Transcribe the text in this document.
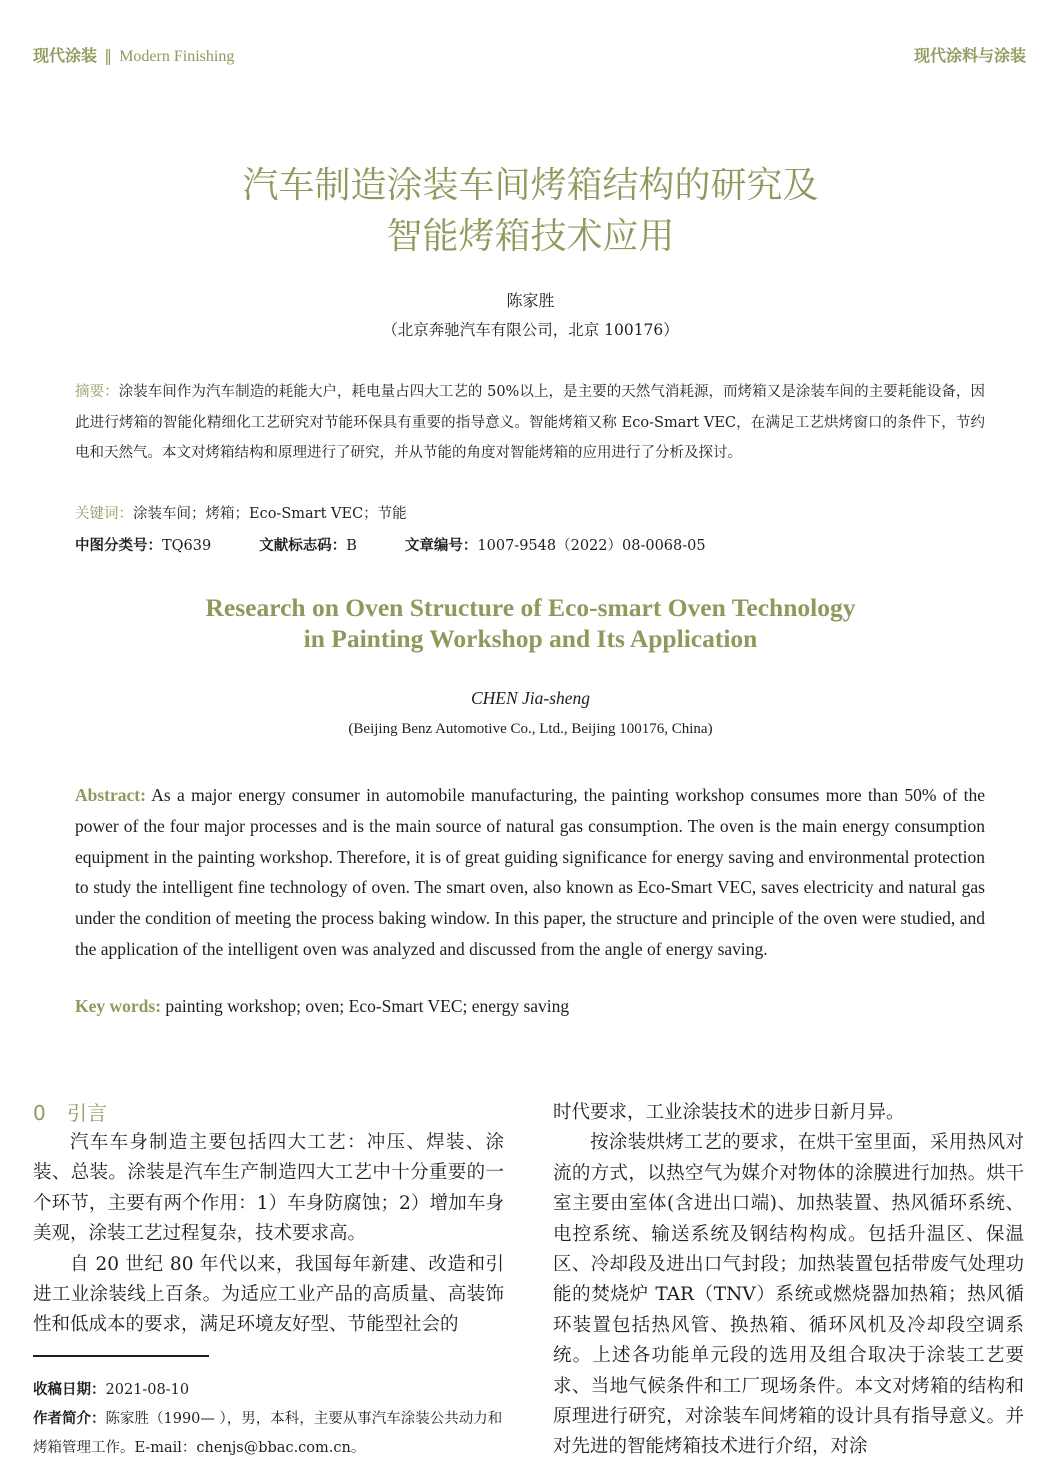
现代涂装 ‖ Modern Finishing	现代涂料与涂装
汽车制造涂装车间烤箱结构的研究及
智能烤箱技术应用
陈家胜
（北京奔驰汽车有限公司，北京 100176）
摘要：涂装车间作为汽车制造的耗能大户，耗电量占四大工艺的 50%以上，是主要的天然气消耗源，而烤箱又是涂装车间的主要耗能设备，因此进行烤箱的智能化精细化工艺研究对节能环保具有重要的指导意义。智能烤箱又称 Eco-Smart VEC，在满足工艺烘烤窗口的条件下，节约电和天然气。本文对烤箱结构和原理进行了研究，并从节能的角度对智能烤箱的应用进行了分析及探讨。
关键词：涂装车间；烤箱；Eco-Smart VEC；节能
中图分类号：TQ639	文献标志码：B	文章编号：1007-9548（2022）08-0068-05
Research on Oven Structure of Eco-smart Oven Technology
in Painting Workshop and Its Application
CHEN Jia-sheng
(Beijing Benz Automotive Co., Ltd., Beijing 100176, China)
Abstract: As a major energy consumer in automobile manufacturing, the painting workshop consumes more than 50% of the power of the four major processes and is the main source of natural gas consumption. The oven is the main energy consumption equipment in the painting workshop. Therefore, it is of great guiding significance for energy saving and environmental protection to study the intelligent fine technology of oven. The smart oven, also known as Eco-Smart VEC, saves electricity and natural gas under the condition of meeting the process baking window. In this paper, the structure and principle of the oven were studied, and the application of the intelligent oven was analyzed and discussed from the angle of energy saving.
Key words: painting workshop; oven; Eco-Smart VEC; energy saving
0 引言

汽车车身制造主要包括四大工艺：冲压、焊装、涂装、总装。涂装是汽车生产制造四大工艺中十分重要的一个环节，主要有两个作用：1）车身防腐蚀；2）增加车身美观，涂装工艺过程复杂，技术要求高。

自 20 世纪 80 年代以来，我国每年新建、改造和引进工业涂装线上百条。为适应工业产品的高质量、高装饰性和低成本的要求，满足环境友好型、节能型社会的

时代要求，工业涂装技术的进步日新月异。

按涂装烘烤工艺的要求，在烘干室里面，采用热风对流的方式，以热空气为媒介对物体的涂膜进行加热。烘干室主要由室体(含进出口端)、加热装置、热风循环系统、电控系统、输送系统及钢结构构成。包括升温区、保温区、冷却段及进出口气封段；加热装置包括带废气处理功能的焚烧炉 TAR（TNV）系统或燃烧器加热箱；热风循环装置包括热风管、换热箱、循环风机及冷却段空调系统。上述各功能单元段的选用及组合取决于涂装工艺要求、当地气候条件和工厂现场条件。本文对烤箱的结构和原理进行研究，对涂装车间烤箱的设计具有指导意义。并对先进的智能烤箱技术进行介绍，对涂

收稿日期：2021-08-10
作者简介：陈家胜（1990— ），男，本科，主要从事汽车涂装公共动力和烤箱管理工作。E-mail：chenjs@bbac.com.cn。
